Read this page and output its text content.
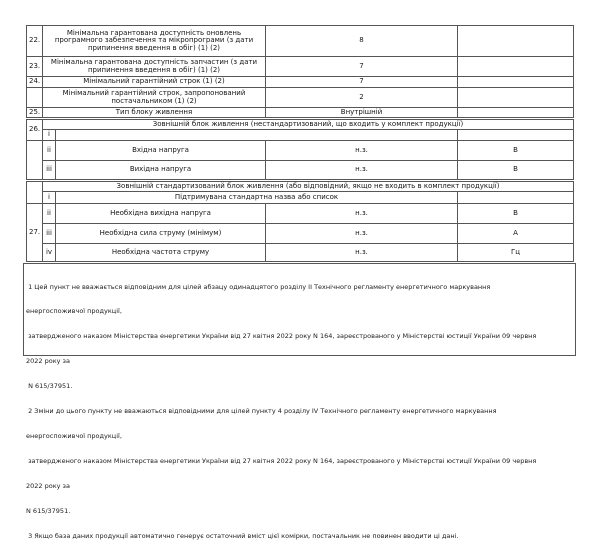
22.	Мінімальна гарантована доступність оновлень програмного забезпечення та мікропрограми (з дати припинення введення в обіг) (1) (2)		8	
23.	Мінімальна гарантована доступність запчастин (з дати припинення введення в обіг) (1) (2)		7	
24.	Мінімальний гарантійний строк (1) (2)		7	
	Мінімальний гарантійний строк, запропонований постачальником (1) (2)		2	
25.	Тип блоку живлення		Внутрішній	
26.	Зовнішній блок живлення (нестандартизований, що входить у комплект продукції)			
	i			
	ii	Вхідна напруга	н.з.	В
	iii	Вихідна напруга	н.з.	В
	Зовнішній стандартизований блок живлення (або відповідний, якщо не входить в комплект продукції)			
	i	Підтримувана стандартна назва або список		
27.	ii	Необхідна вихідна напруга	н.з.	В
	iii	Необхідна сила струму (мінімум)	н.з.	А
	iv	Необхідна частота струму	н.з.	Гц

1 Цей пункт не вважається відповідним для цілей абзацу одинадцятого розділу II Технічного регламенту енергетичного маркування

енергоспоживчої продукції,

затвердженого наказом Міністерства енергетики України від 27 квітня 2022 року N 164, зареєстрованого у Міністерстві юстиції України 09 червня

2022 року за

N 615/37951.

2 Зміни до цього пункту не вважаються відповідними для цілей пункту 4 розділу IV Технічного регламенту енергетичного маркування

енергоспоживчої продукції,

затвердженого наказом Міністерства енергетики України від 27 квітня 2022 року N 164, зареєстрованого у Міністерстві юстиції України 09 червня

2022 року за

N 615/37951.

3 Якщо база даних продукції автоматично генерує остаточний вміст цієї комірки, постачальник не повинен вводити ці дані.
